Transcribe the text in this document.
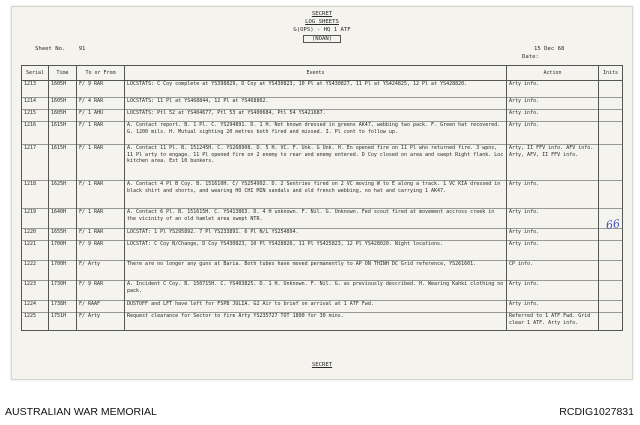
SECRET
LOG SHEETS
G(OPS) - HQ 1 ATF
(NOAN)
Sheet No. 91	15 Dec 68
Date:
Serial	Time	To or From	Events	Action	Inits
1213	1605H	F/ 9 RAR	LOCSTATS: C Coy complete at YS398829, D Coy at YS430823, 10 Pl at YS430827, 11 Pl at YS424825, 12 Pl at YS428820.	Arty info.	
1214	1605H	F/ 4 RAR	LOCSTATS: 11 Pl at YS468844, 12 Pl at YS468862.	Arty info.	
1215	1605H	F/ 1 AHU	LOCSTATS: Ptl 52 at YS404677, Ptl 53 at YS400684, Ptl 54 YS421687.	Arty info.	
1216	1615H	F/ 1 RAR	A. Contact report. B. 1 Pl. C. YS294891. D. 1 H. Not known dressed in greens AK47, webbing two pack. F. Green hat recovered. G. 1200 mils. H. Mutual sighting 20 metres both fired and missed. I. Pl cont to follow up.	Arty info.	
1217	1615H	F/ 1 RAR	A. Contact 11 Pl. B. 151245H. C. YS268908. D. 5 H. VC. F. Unk. G Unk. H. En opened fire on 11 Pl who returned fire. 3 wpns, 11 Pl arty to engage. 11 Pl opened fire on 2 enemy to rear and enemy entered. D Coy closed on area and swept Right flank. Loc kitchen area. Est 10 bunkers.	Arty, II FFV info. AFV info. Arty, AFV, II FFV info.	
1218	1625H	F/ 1 RAR	A. Contact 4 Pl B Coy. B. 151610H. C/ YS254902. D. 2 Sentries fired on 2 VC moving W to E along a track. 1 VC KIA dressed in black shirt and shorts, and wearing HO CHI MIN sandals and old french webbing, no hat and carrying 1 AK47.	Arty info.	
1219	1640H	F/ 1 RAR	A. Contact 6 Pl. B. 151615H. C. YS413863. D. 4 H unknown. F. Nil. G. Unknown. Fed scout fired at movement accross creek in the vicinity of an old hamlet area swept NTR.	Arty info.	
1220	1655H	F/ 1 RAR	LOCSTAT: 1 Pl YS295892. 7 Pl YS233891. 6 Pl N/L YS254894.	Arty info.	
1221	1700H	F/ 9 RAR	LOCSTAT: C Coy N/Change, D Coy YS430823, 10 Pl YS428826, 11 Pl YS425823, 12 Pl YS428020. Night locations.	Arty info.	
1222	1700H	F/ Arty	There are no longer any guns at Baria. Both tubes have moved permanently to AP ON THINH DC Grid reference, YS261601.	CP info.	
1223	1730H	F/ 9 RAR	A. Incident C Coy. B. 150715H. C. YS403825. D. 1 H. Unknown. F. Nil. G. as previously described. H. Wearing Kahki clothing no pack.	Arty info.	
1224	1738H	F/ RAAF	DUSTOFF and LFT have left for FSPB JULIA. G2 Air to brief on arrival at 1 ATF Fwd.	Arty info.	
1225	1751H	F/ Arty	Request clearance for Sector to fire Arty YS235727 TOT 1800 for 30 mins.	Referred to 1 ATF Fwd. Grid clear 1 ATF. Arty info.	
SECRET
66
AUSTRALIAN WAR MEMORIAL	RCDIG1027831
